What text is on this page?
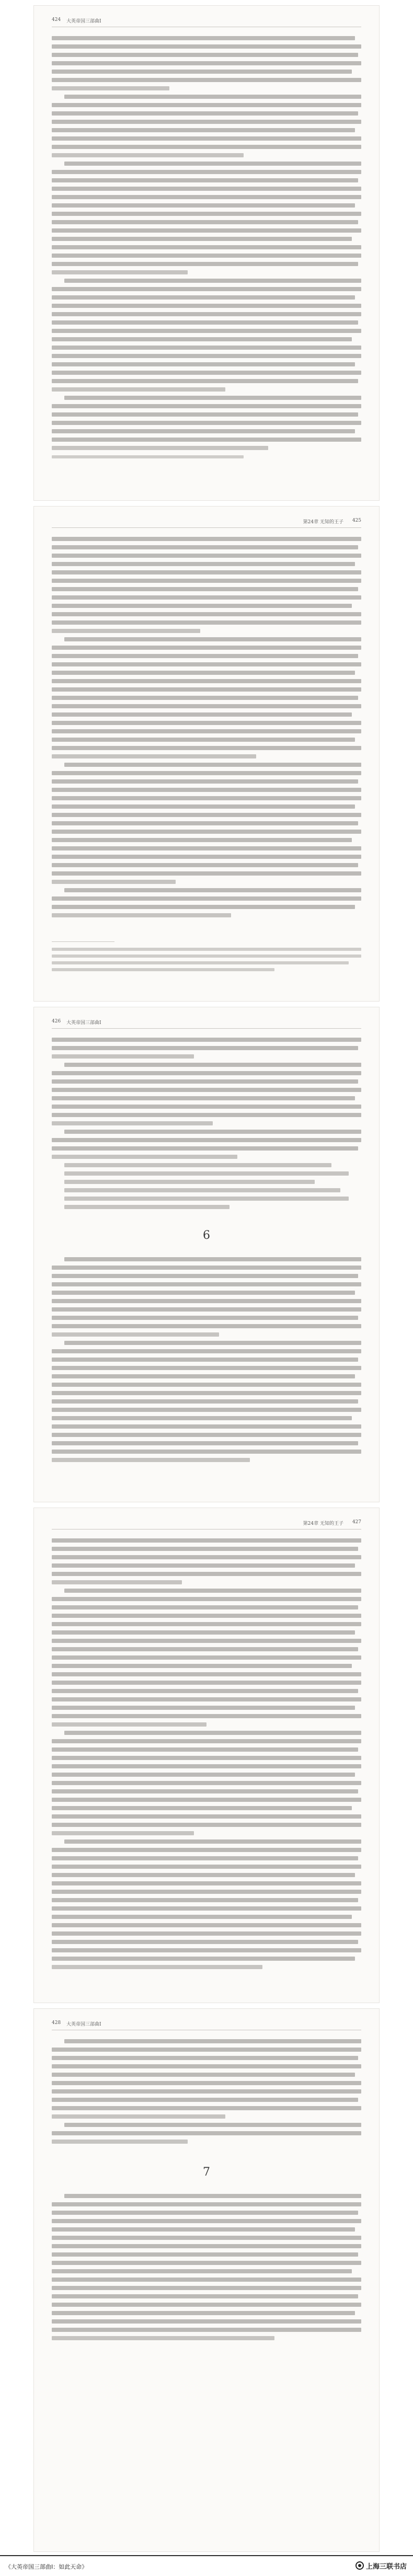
424 大英帝国三部曲Ⅰ
第24章 无知的王子 425
426 大英帝国三部曲Ⅰ
6
第24章 无知的王子 427
428 大英帝国三部曲Ⅰ
7
《大英帝国三部曲Ⅰ：如此天命》	上海三联书店
